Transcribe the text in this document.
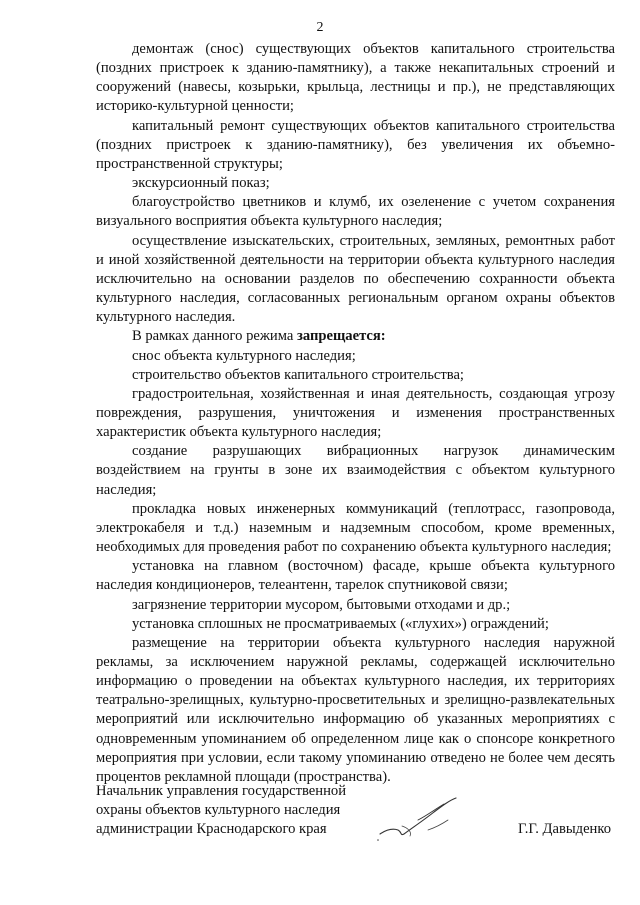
2

демонтаж (снос) существующих объектов капитального строительства (поздних пристроек к зданию-памятнику), а также некапитальных строений и сооружений (навесы, козырьки, крыльца, лестницы и пр.), не представляющих историко-культурной ценности;

капитальный ремонт существующих объектов капитального строительства (поздних пристроек к зданию-памятнику), без увеличения их объемно-пространственной структуры;

экскурсионный показ;

благоустройство цветников и клумб, их озеленение с учетом сохранения визуального восприятия объекта культурного наследия;

осуществление изыскательских, строительных, земляных, ремонтных работ и иной хозяйственной деятельности на территории объекта культурного наследия исключительно на основании разделов по обеспечению сохранности объекта культурного наследия, согласованных региональным органом охраны объектов культурного наследия.

В рамках данного режима запрещается:

снос объекта культурного наследия;

строительство объектов капитального строительства;

градостроительная, хозяйственная и иная деятельность, создающая угрозу повреждения, разрушения, уничтожения и изменения пространственных характеристик объекта культурного наследия;

создание разрушающих вибрационных нагрузок динамическим воздействием на грунты в зоне их взаимодействия с объектом культурного наследия;

прокладка новых инженерных коммуникаций (теплотрасс, газопровода, электрокабеля и т.д.) наземным и надземным способом, кроме временных, необходимых для проведения работ по сохранению объекта культурного наследия;

установка на главном (восточном) фасаде, крыше объекта культурного наследия кондиционеров, телеантенн, тарелок спутниковой связи;

загрязнение территории мусором, бытовыми отходами и др.;

установка сплошных не просматриваемых («глухих») ограждений;

размещение на территории объекта культурного наследия наружной рекламы, за исключением наружной рекламы, содержащей исключительно информацию о проведении на объектах культурного наследия, их территориях театрально-зрелищных, культурно-просветительных и зрелищно-развлекательных мероприятий или исключительно информацию об указанных мероприятиях с одновременным упоминанием об определенном лице как о спонсоре конкретного мероприятия при условии, если такому упоминанию отведено не более чем десять процентов рекламной площади (пространства).

Начальник управления государственной
охраны объектов культурного наследия
администрации Краснодарского края	Г.Г. Давыденко
